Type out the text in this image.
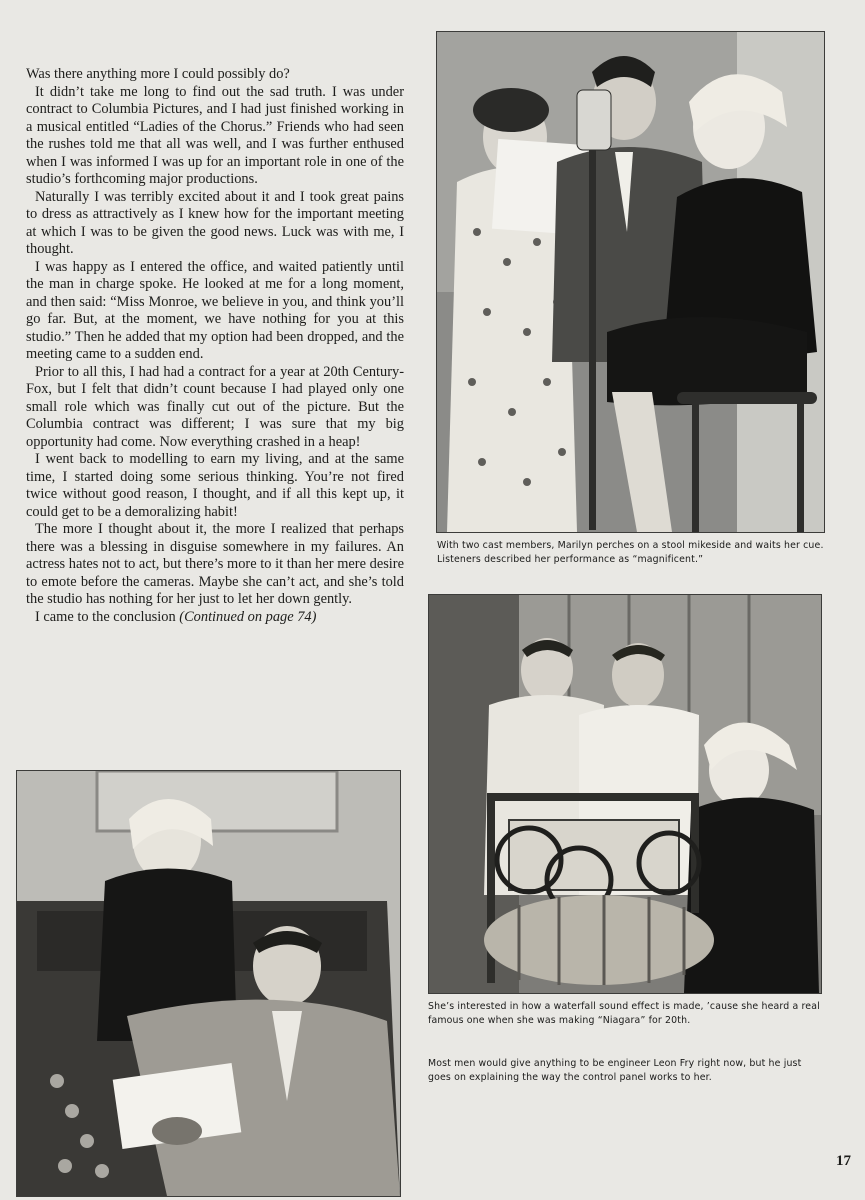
Was there anything more I could possibly do?

It didn’t take me long to find out the sad truth. I was under contract to Columbia Pictures, and I had just finished working in a musical entitled “Ladies of the Chorus.” Friends who had seen the rushes told me that all was well, and I was further enthused when I was informed I was up for an important role in one of the studio’s forthcoming major productions.

Naturally I was terribly excited about it and I took great pains to dress as attractively as I knew how for the important meeting at which I was to be given the good news. Luck was with me, I thought.

I was happy as I entered the office, and waited patiently until the man in charge spoke. He looked at me for a long moment, and then said: “Miss Monroe, we believe in you, and think you’ll go far. But, at the moment, we have nothing for you at this studio.” Then he added that my option had been dropped, and the meeting came to a sudden end.

Prior to all this, I had had a contract for a year at 20th Century-Fox, but I felt that didn’t count because I had played only one small role which was finally cut out of the picture. But the Columbia contract was different; I was sure that my big opportunity had come. Now everything crashed in a heap!

I went back to modelling to earn my living, and at the same time, I started doing some serious thinking. You’re not fired twice without good reason, I thought, and if all this kept up, it could get to be a demoralizing habit!

The more I thought about it, the more I realized that perhaps there was a blessing in disguise somewhere in my failures. An actress hates not to act, but there’s more to it than her mere desire to emote before the cameras. Maybe she can’t act, and she’s told the studio has nothing for her just to let her down gently.

I came to the conclusion (Continued on page 74)

With two cast members, Marilyn perches on a stool mikeside and waits her cue. Listeners described her performance as “magnificent.”
She’s interested in how a waterfall sound effect is made, ’cause she heard a real famous one when she was making “Niagara” for 20th.
Most men would give anything to be engineer Leon Fry right now, but he just goes on explaining the way the control panel works to her.
17
